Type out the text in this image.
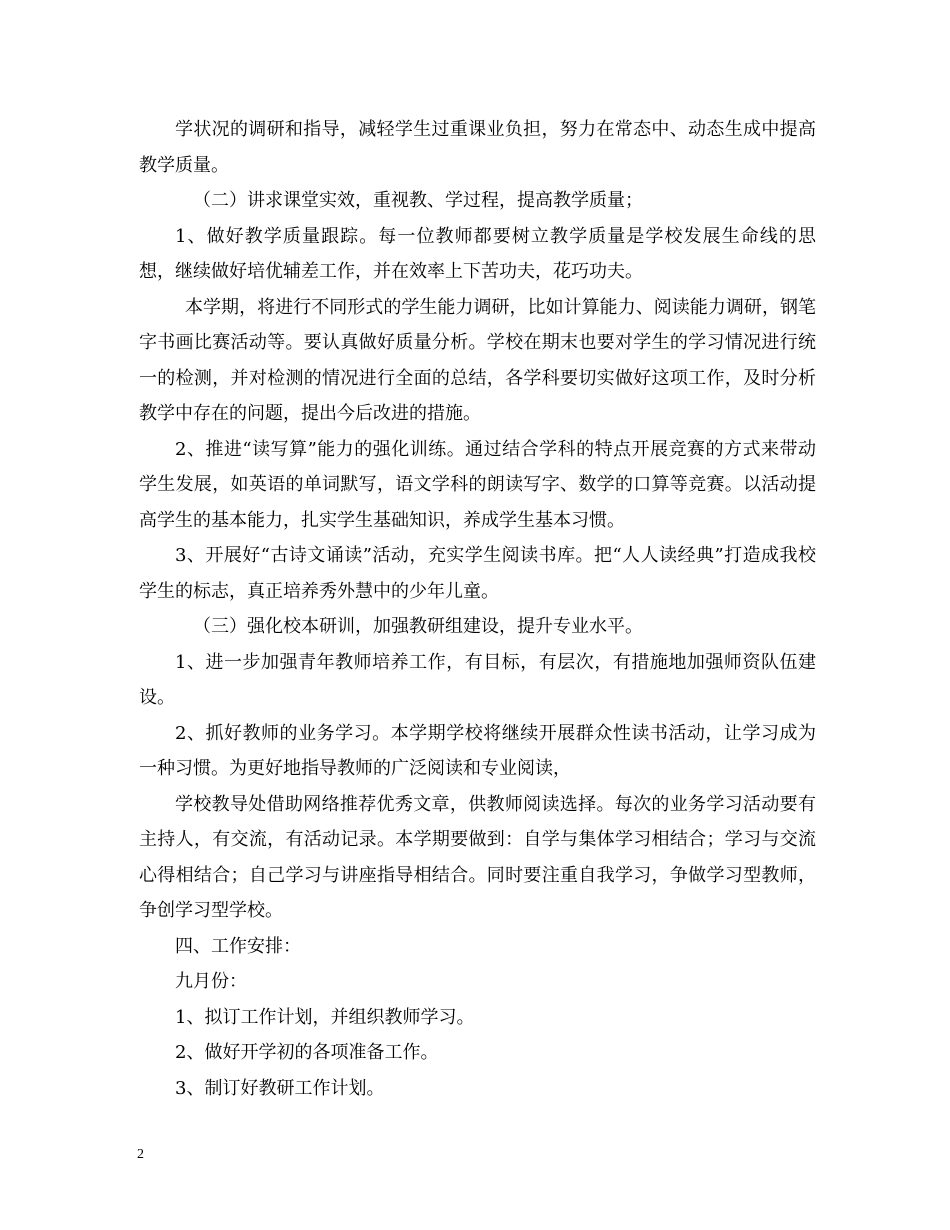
学状况的调研和指导，减轻学生过重课业负担，努力在常态中、动态生成中提高教学质量。

（二）讲求课堂实效，重视教、学过程，提高教学质量；

1、做好教学质量跟踪。每一位教师都要树立教学质量是学校发展生命线的思想，继续做好培优辅差工作，并在效率上下苦功夫，花巧功夫。

本学期，将进行不同形式的学生能力调研，比如计算能力、阅读能力调研，钢笔字书画比赛活动等。要认真做好质量分析。学校在期末也要对学生的学习情况进行统一的检测，并对检测的情况进行全面的总结，各学科要切实做好这项工作，及时分析教学中存在的问题，提出今后改进的措施。

2、推进“读写算”能力的强化训练。通过结合学科的特点开展竞赛的方式来带动学生发展，如英语的单词默写，语文学科的朗读写字、数学的口算等竞赛。以活动提高学生的基本能力，扎实学生基础知识，养成学生基本习惯。

3、开展好“古诗文诵读”活动，充实学生阅读书库。把“人人读经典”打造成我校学生的标志，真正培养秀外慧中的少年儿童。

（三）强化校本研训，加强教研组建设，提升专业水平。

1、进一步加强青年教师培养工作，有目标，有层次，有措施地加强师资队伍建设。

2、抓好教师的业务学习。本学期学校将继续开展群众性读书活动，让学习成为一种习惯。为更好地指导教师的广泛阅读和专业阅读，

学校教导处借助网络推荐优秀文章，供教师阅读选择。每次的业务学习活动要有主持人，有交流，有活动记录。本学期要做到：自学与集体学习相结合；学习与交流心得相结合；自己学习与讲座指导相结合。同时要注重自我学习，争做学习型教师，争创学习型学校。

四、工作安排：

九月份：

1、拟订工作计划，并组织教师学习。

2、做好开学初的各项准备工作。

3、制订好教研工作计划。

2
